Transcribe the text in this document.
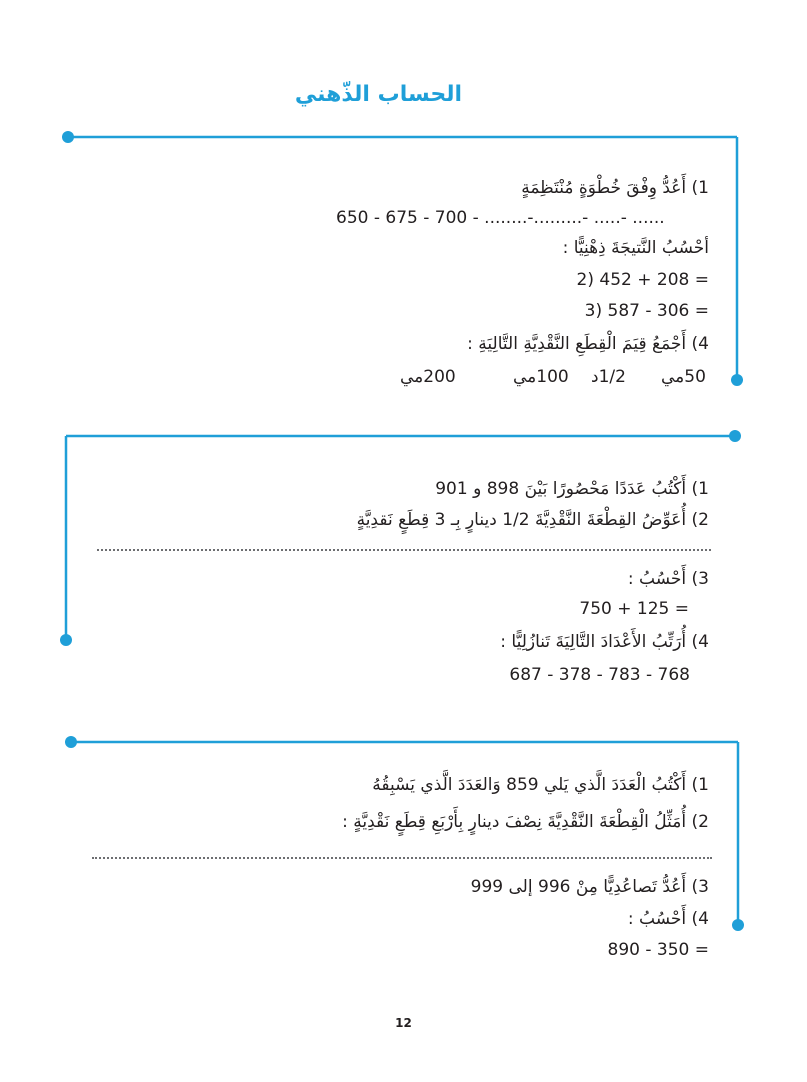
الحساب الذّهني
1) أَعُدُّ وِفْقَ خُطْوَةٍ مُنْتَظِمَةٍ
650 - 675 - 700 - ........-.........- .....- ......
أحْسُبُ النَّتيجَةَ ذِهْنِيًّا :
2) 452 + 208 =
3) 587 - 306 =
4) أَجْمَعُ قِيَمَ الْقِطَعِ النَّقْدِيَّةِ التَّالِيَةِ :
200مي	100مي 1/2د 50مي
1) أَكْتُبُ عَدَدًا مَحْصُورًا بَيْنَ 898 و 901
2) أُعَوِّضُ القِطْعَةَ النَّقْدِيَّةَ 1/2 دينارٍ بِـ 3 قِطَعٍ نَقدِيَّةٍ
3) أَحْسُبُ :
750 + 125 =
4) أُرَتِّبُ الأَعْدَادَ التَّالِيَةَ تَنازُلِيًّا :
687 - 378 - 783 - 768
1) أَكْتُبُ الْعَدَدَ الَّذي يَلي 859 وَالعَدَدَ الَّذي يَسْبِقُهُ
2) أُمَثِّلُ الْقِطْعَةَ النَّقْدِيَّةَ نِصْفَ دينارٍ بِأَرْبَعِ قِطَعٍ نَقْدِيَّةٍ :
3) أَعُدُّ تَصاعُدِيًّا مِنْ 996 إلى 999
4) أَحْسُبُ :
890 - 350 =
12
